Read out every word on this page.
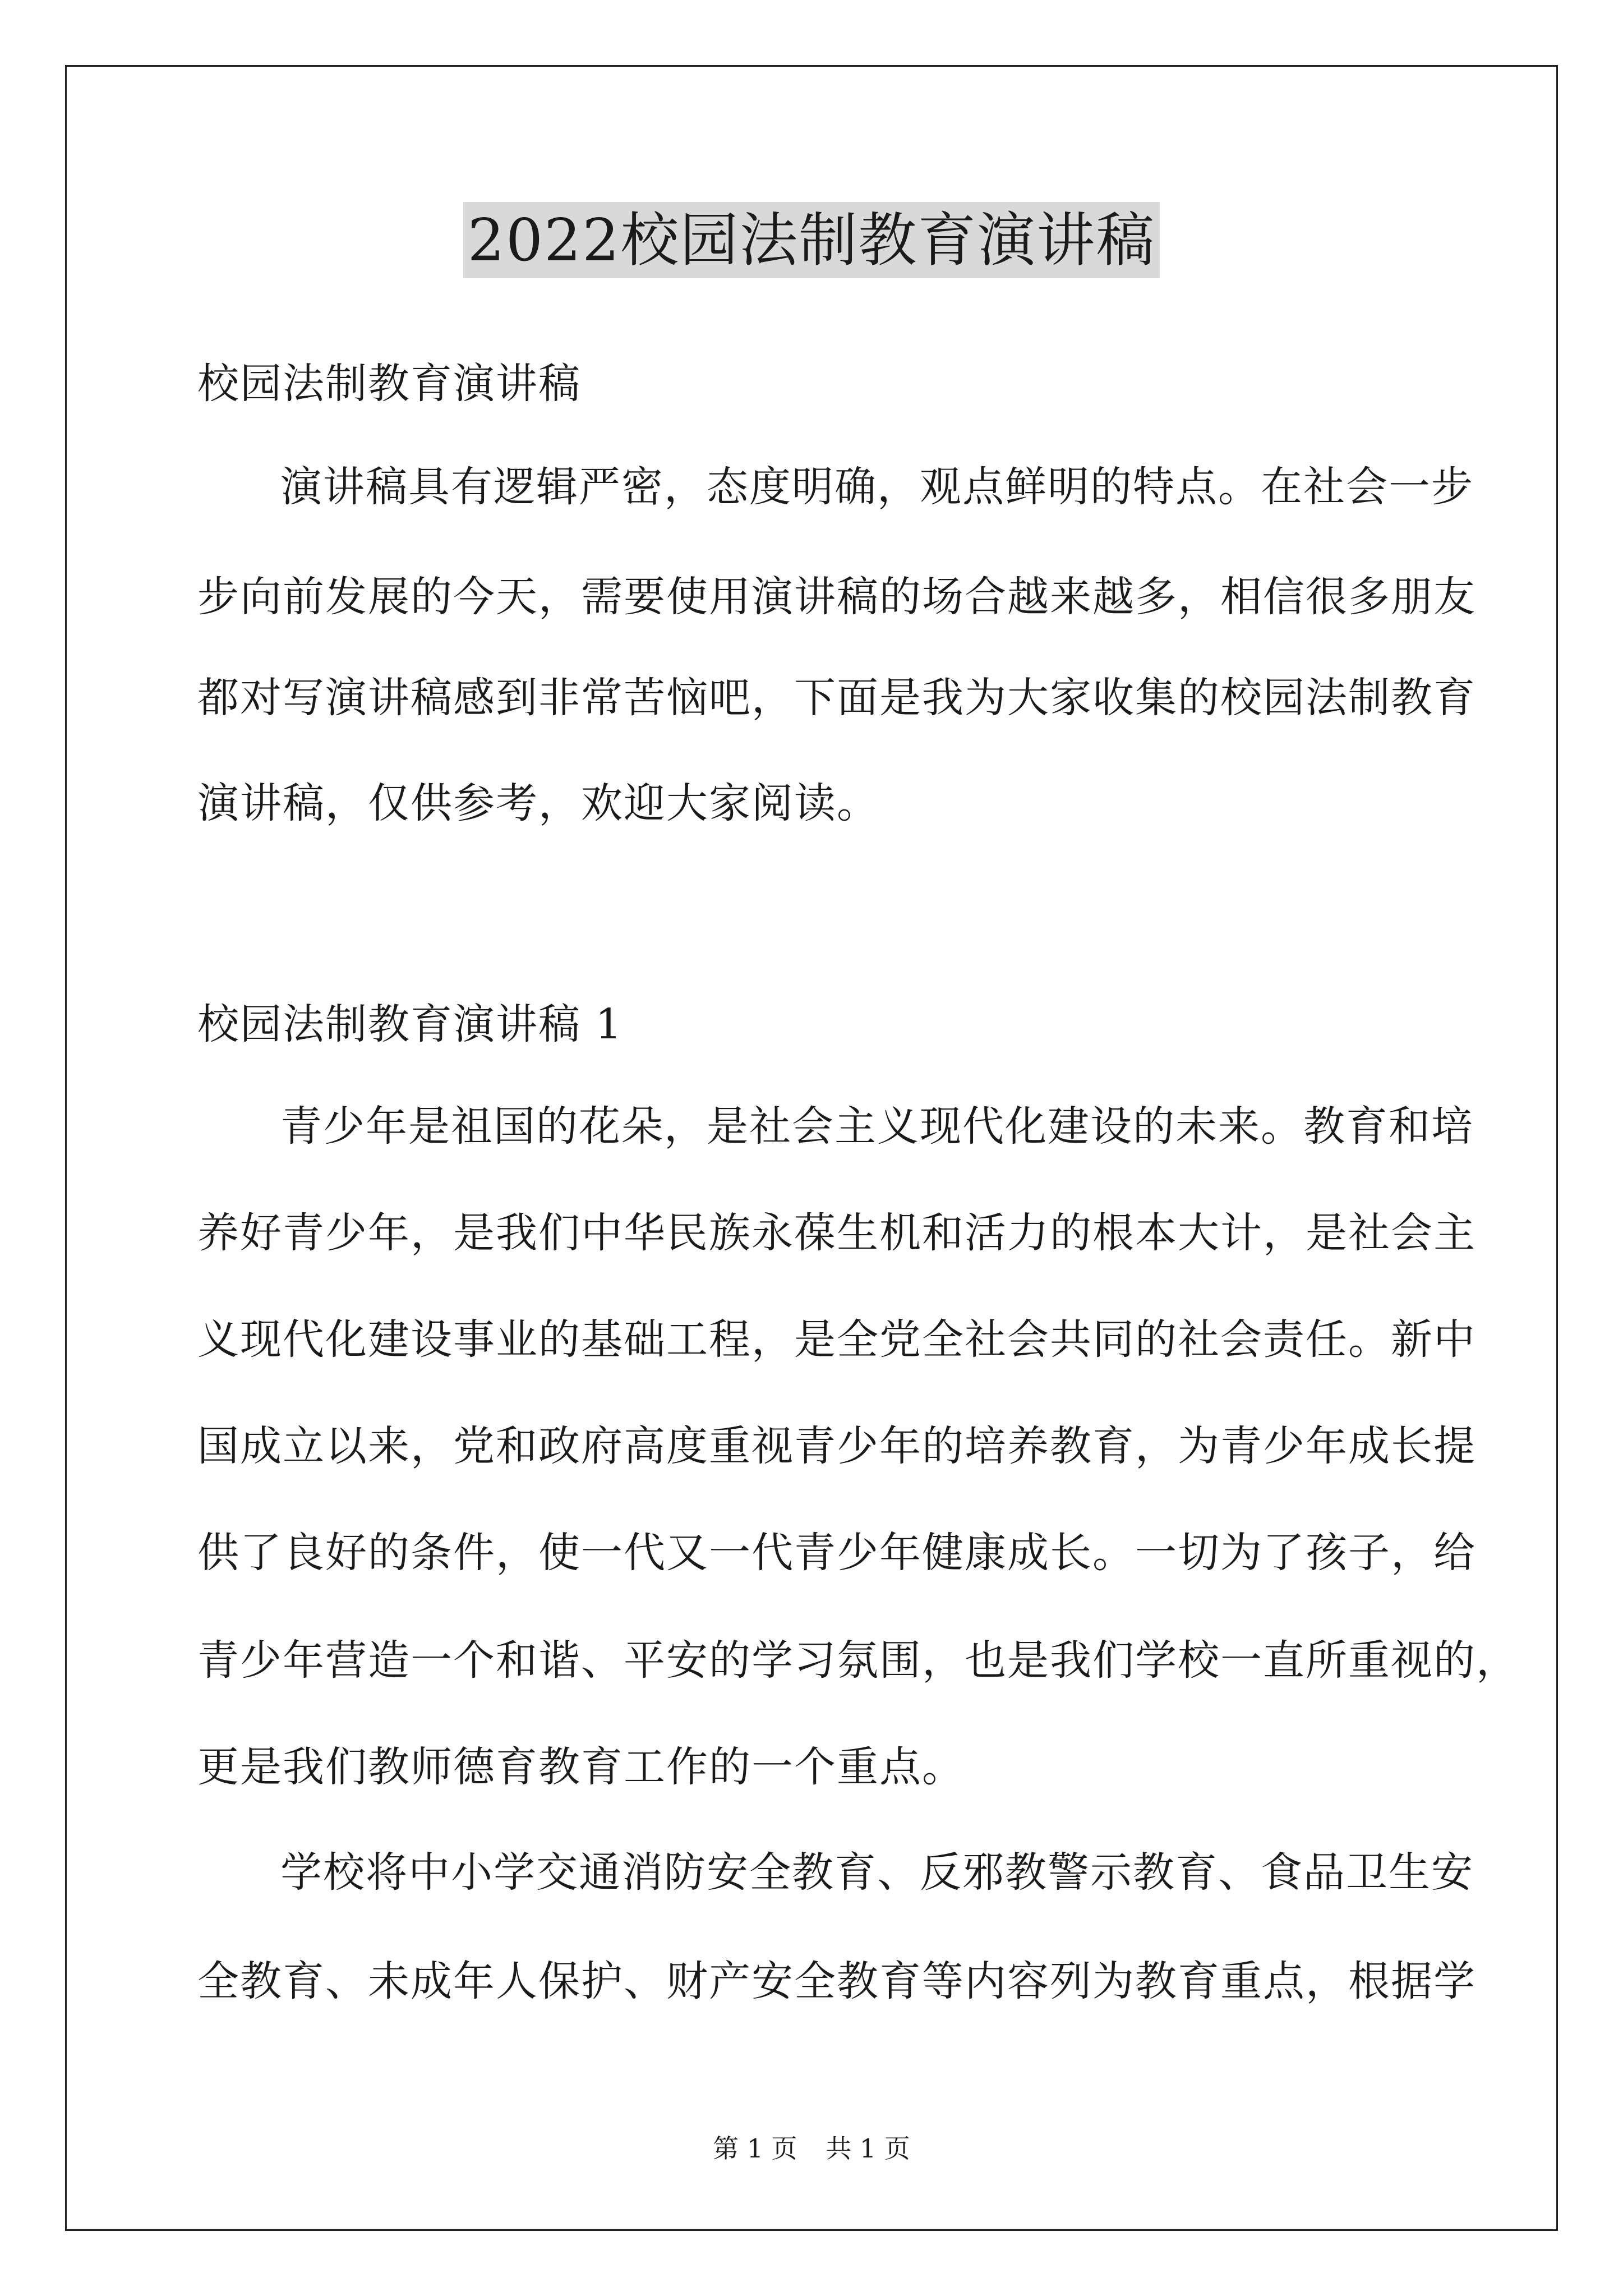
2022校园法制教育演讲稿
校园法制教育演讲稿
演讲稿具有逻辑严密，态度明确，观点鲜明的特点。在社会一步
步向前发展的今天，需要使用演讲稿的场合越来越多，相信很多朋友
都对写演讲稿感到非常苦恼吧，下面是我为大家收集的校园法制教育
演讲稿，仅供参考，欢迎大家阅读。
校园法制教育演讲稿 1
青少年是祖国的花朵，是社会主义现代化建设的未来。教育和培
养好青少年，是我们中华民族永葆生机和活力的根本大计，是社会主
义现代化建设事业的基础工程，是全党全社会共同的社会责任。新中
国成立以来，党和政府高度重视青少年的培养教育，为青少年成长提
供了良好的条件，使一代又一代青少年健康成长。一切为了孩子，给
青少年营造一个和谐、平安的学习氛围，也是我们学校一直所重视的，
更是我们教师德育教育工作的一个重点。
学校将中小学交通消防安全教育、反邪教警示教育、食品卫生安
全教育、未成年人保护、财产安全教育等内容列为教育重点，根据学
第 1 页 共 1 页
